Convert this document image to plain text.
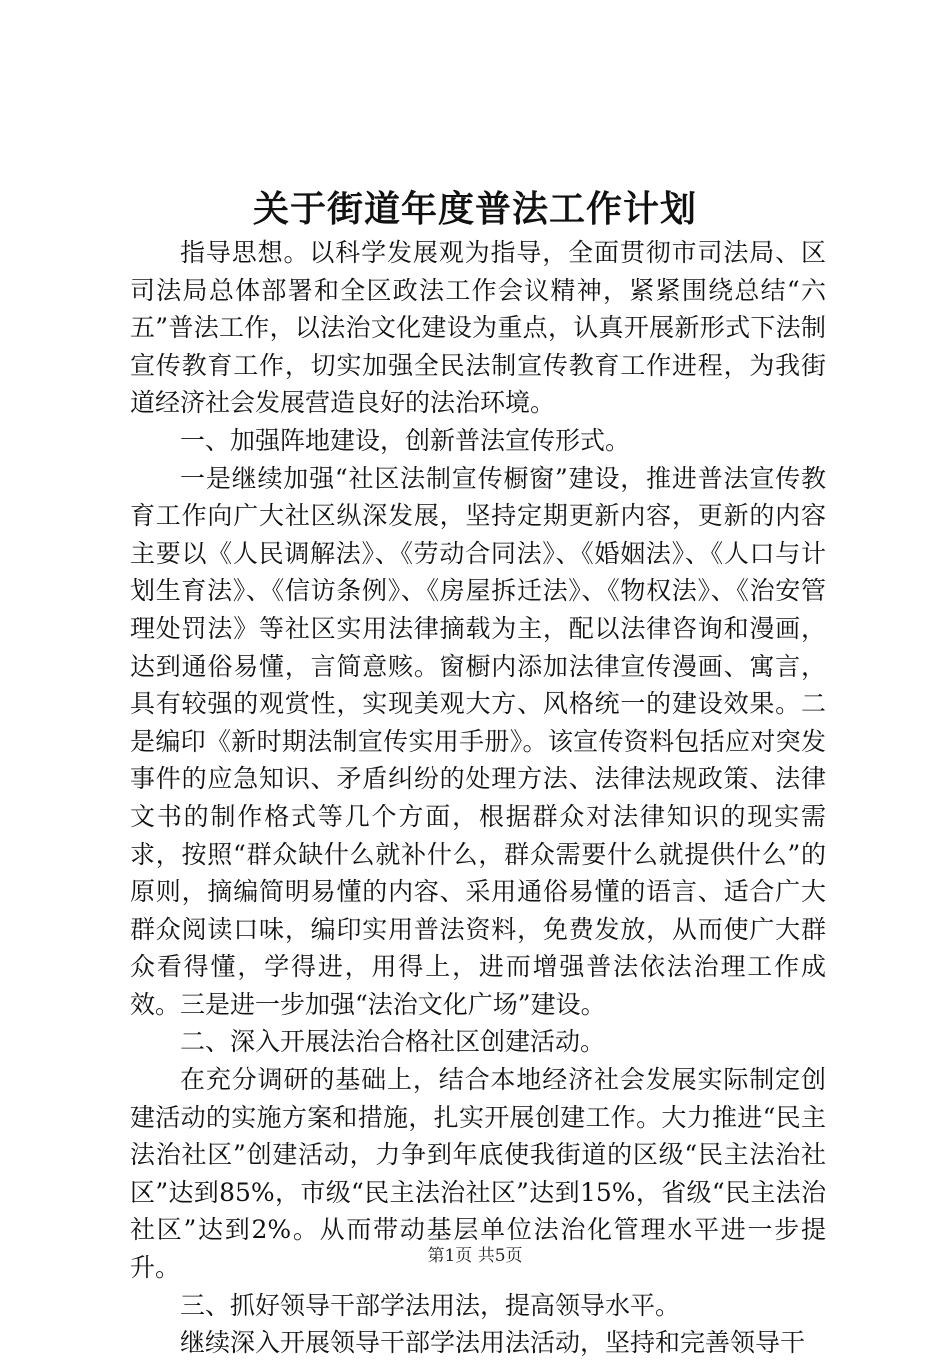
关于街道年度普法工作计划

指导思想。以科学发展观为指导，全面贯彻市司法局、区司法局总体部署和全区政法工作会议精神，紧紧围绕总结“六五”普法工作，以法治文化建设为重点，认真开展新形式下法制宣传教育工作，切实加强全民法制宣传教育工作进程，为我街道经济社会发展营造良好的法治环境。

一、加强阵地建设，创新普法宣传形式。

一是继续加强“社区法制宣传橱窗”建设，推进普法宣传教育工作向广大社区纵深发展，坚持定期更新内容，更新的内容主要以《人民调解法》、《劳动合同法》、《婚姻法》、《人口与计划生育法》、《信访条例》、《房屋拆迁法》、《物权法》、《治安管理处罚法》等社区实用法律摘载为主，配以法律咨询和漫画，达到通俗易懂，言简意赅。窗橱内添加法律宣传漫画、寓言，具有较强的观赏性，实现美观大方、风格统一的建设效果。二是编印《新时期法制宣传实用手册》。该宣传资料包括应对突发事件的应急知识、矛盾纠纷的处理方法、法律法规政策、法律文书的制作格式等几个方面，根据群众对法律知识的现实需求，按照“群众缺什么就补什么，群众需要什么就提供什么”的原则，摘编简明易懂的内容、采用通俗易懂的语言、适合广大群众阅读口味，编印实用普法资料，免费发放，从而使广大群众看得懂，学得进，用得上，进而增强普法依法治理工作成效。三是进一步加强“法治文化广场”建设。

二、深入开展法治合格社区创建活动。

在充分调研的基础上，结合本地经济社会发展实际制定创建活动的实施方案和措施，扎实开展创建工作。大力推进“民主法治社区”创建活动，力争到年底使我街道的区级“民主法治社区”达到85%，市级“民主法治社区”达到15%，省级“民主法治社区”达到2%。从而带动基层单位法治化管理水平进一步提升。

三、抓好领导干部学法用法，提高领导水平。

继续深入开展领导干部学法用法活动，坚持和完善领导干

第1页 共5页
